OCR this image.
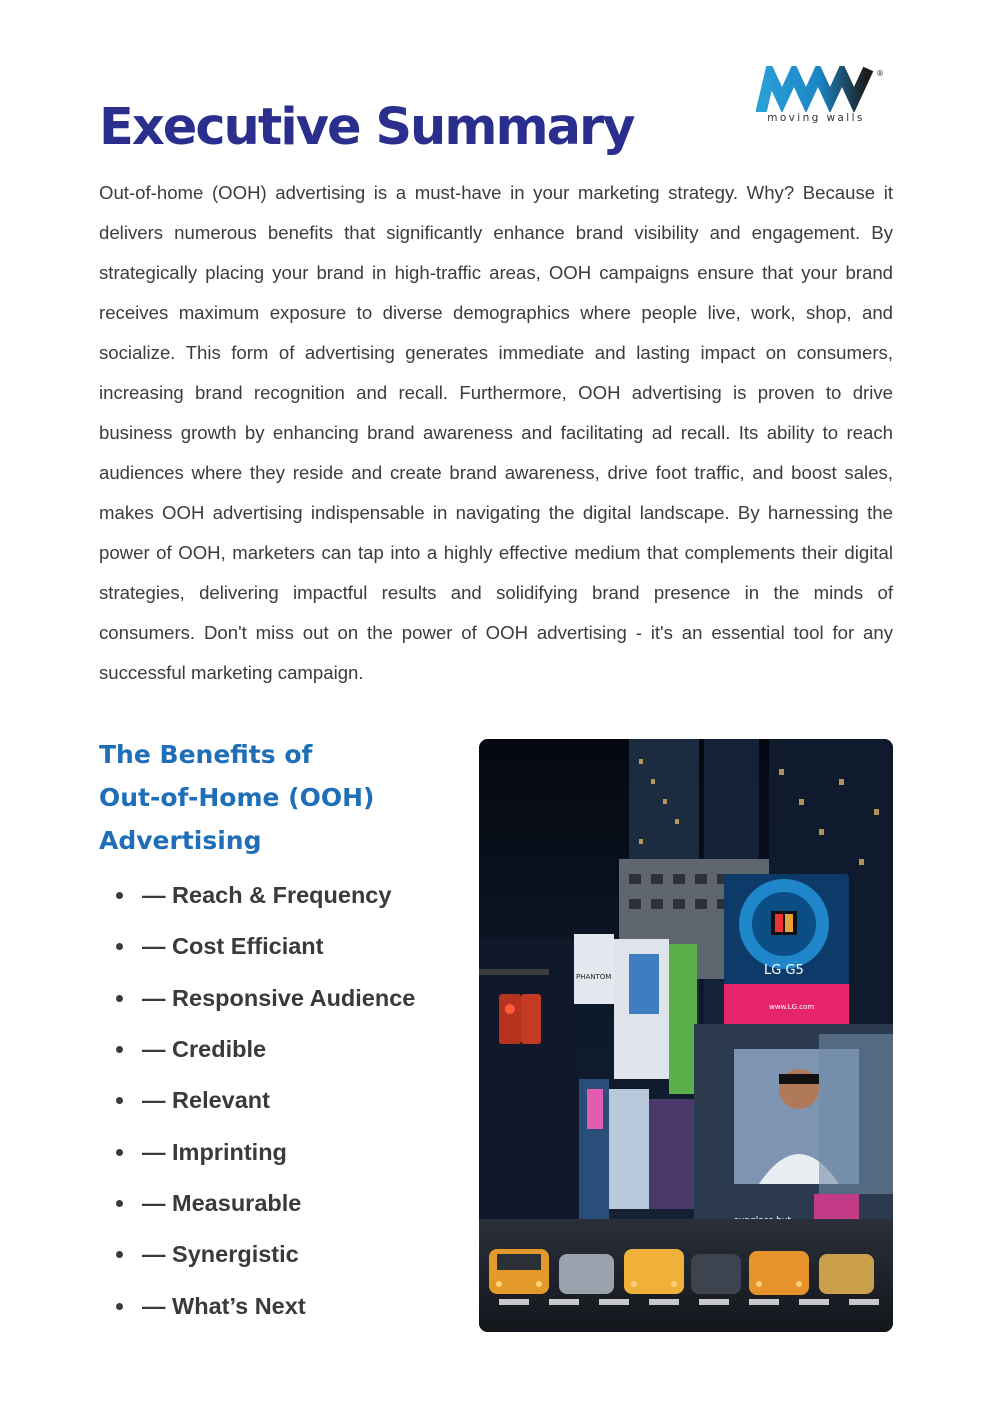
®
moving walls
Executive Summary

Out-of-home (OOH) advertising is a must-have in your marketing strategy. Why? Because it delivers numerous benefits that significantly enhance brand visibility and engagement. By strategically placing your brand in high-traffic areas, OOH campaigns ensure that your brand receives maximum exposure to diverse demographics where people live, work, shop, and socialize. This form of advertising generates immediate and lasting impact on consumers, increasing brand recognition and recall. Furthermore, OOH advertising is proven to drive business growth by enhancing brand awareness and facilitating ad recall. Its ability to reach audiences where they reside and create brand awareness, drive foot traffic, and boost sales, makes OOH advertising indispensable in navigating the digital landscape. By harnessing the power of OOH, marketers can tap into a highly effective medium that complements their digital strategies, delivering impactful results and solidifying brand presence in the minds of consumers. Don't miss out on the power of OOH advertising - it's an essential tool for any successful marketing campaign.

The Benefits of
Out-of-Home (OOH)
Advertising
— Reach & Frequency
— Cost Efficiant
— Responsive Audience
— Credible
— Relevant
— Imprinting
— Measurable
— Synergistic
— What’s Next
LG G5
www.LG.com
PHANTOM
